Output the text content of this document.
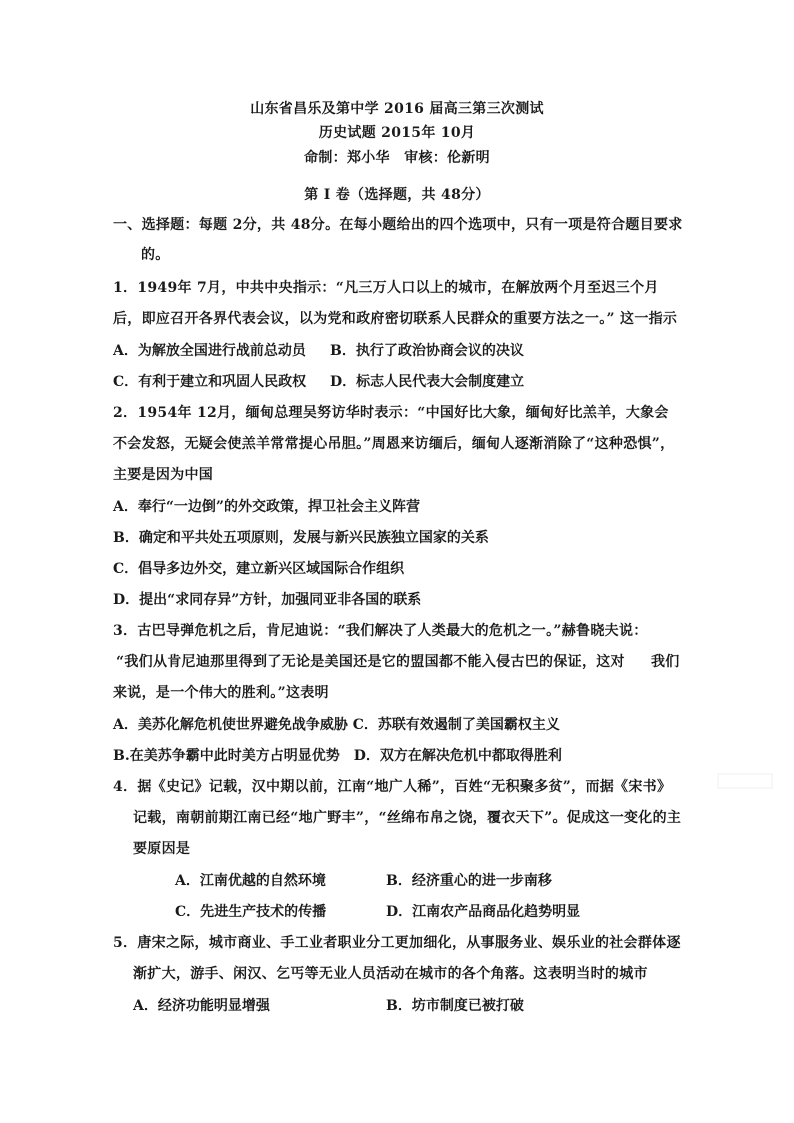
山东省昌乐及第中学 2016 届高三第三次测试
历史试题 2015年 10月
命制：郑小华　审核：伦新明
第 I 卷（选择题，共 48分）
一、选择题：每题 2分，共 48分。在每小题给出的四个选项中，只有一项是符合题目要求
的。
1．1949年 7月，中共中央指示：“凡三万人口以上的城市，在解放两个月至迟三个月
后，即应召开各界代表会议，以为党和政府密切联系人民群众的重要方法之一。” 这一指示
A．为解放全国进行战前总动员 B．执行了政治协商会议的决议
C．有利于建立和巩固人民政权 D．标志人民代表大会制度建立
2．1954年 12月，缅甸总理吴努访华时表示：“中国好比大象，缅甸好比羔羊，大象会
不会发怒，无疑会使羔羊常常提心吊胆。”周恩来访缅后，缅甸人逐渐消除了“这种恐惧”，
主要是因为中国
A．奉行“一边倒”的外交政策，捍卫社会主义阵营
B．确定和平共处五项原则，发展与新兴民族独立国家的关系
C．倡导多边外交，建立新兴区域国际合作组织
D．提出“求同存异”方针，加强同亚非各国的联系
3．古巴导弹危机之后，肯尼迪说：“我们解决了人类最大的危机之一。”赫鲁晓夫说：
“我们从肯尼迪那里得到了无论是美国还是它的盟国都不能入侵古巴的保证，这对 我们
来说，是一个伟大的胜利。”这表明
A．美苏化解危机使世界避免战争威胁 C．苏联有效遏制了美国霸权主义
B.在美苏争霸中此时美方占明显优势　D．双方在解决危机中都取得胜利
4．据《史记》记载，汉中期以前，江南“地广人稀”，百姓“无积聚多贫”，而据《宋书》
记载，南朝前期江南已经“地广野丰”，“丝绵布帛之饶，覆衣天下”。促成这一变化的主
要原因是
A．江南优越的自然环境	B．经济重心的进一步南移
C．先进生产技术的传播	D．江南农产品商品化趋势明显
5．唐宋之际，城市商业、手工业者职业分工更加细化，从事服务业、娱乐业的社会群体逐
渐扩大，游手、闲汉、乞丐等无业人员活动在城市的各个角落。这表明当时的城市
A．经济功能明显增强	B．坊市制度已被打破
